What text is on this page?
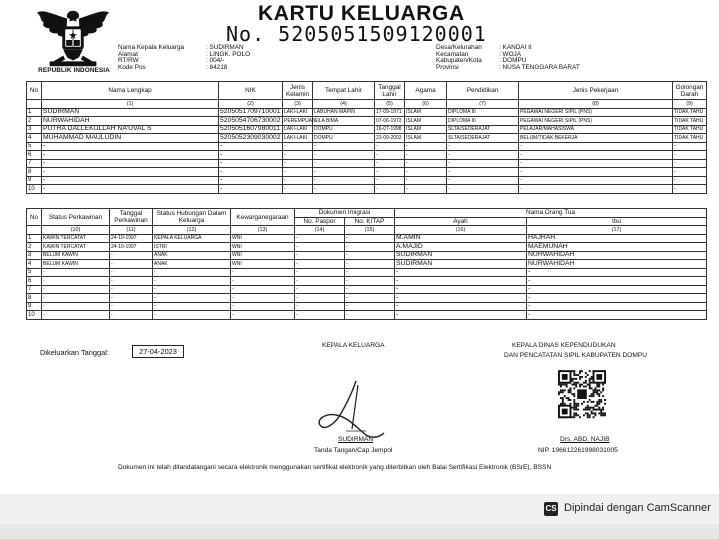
REPUBLIK INDONESIA
KARTU KELUARGA
No. 5205051509120001
Nama Kepala Keluarga	: SUDIRMAN
Alamat	: LINGK. POLO
RT/RW	: 004/-
Kode Pos	: 84218
Desa/Kelurahan	: KANDAI II
Kecamatan	: WOJA
Kabupaten/Kota	: DOMPU
Provinsi	: NUSA TENGGARA BARAT
No	Nama Lengkap	NIK	Jenis Kelamin	Tempat Lahir	Tanggal Lahir	Agama	Pendidikan	Jenis Pekerjaan	Golongan Darah
	(1)	(2)	(3)	(4)	(5)	(6)	(7)	(8)	(9)
1	SUDIRMAN	5205051709710001	LAKI-LAKI	LABUHAN MAPIN	17-09-1971	ISLAM	DIPLOMA III	PEGAWAI NEGERI SIPIL (PNS)	TIDAK TAHU
2	NURWAHIDAH	5205054706730002	PEREMPUAN	SILA BIMA	07-06-1973	ISLAM	DIPLOMA III	PEGAWAI NEGERI SIPIL (PNS)	TIDAK TAHU
3	PUTRA DALLEKULLAH NA'UVAL S	5205051607980011	LAKI-LAKI	DOMPU	16-07-1998	ISLAM	SLTA/SEDERAJAT	PELAJAR/MAHASISWA	TIDAK TAHU
4	MUHAMMAD MAULUDIN	5205052309030002	LAKI-LAKI	DOMPU	23-09-2003	ISLAM	SLTA/SEDERAJAT	BELUM/TIDAK BEKERJA	TIDAK TAHU
5	-	-	-	-	-	-	-	-	-
6	-	-	-	-	-	-	-	-	-
7	-	-	-	-	-	-	-	-	-
8	-	-	-	-	-	-	-	-	-
9	-	-	-	-	-	-	-	-	-
10	-	-	-	-	-	-	-	-	-
No	Status Perkawinan	Tanggal Perkawinan	Status Hubungan Dalam Keluarga	Kewarganegaraan	Dokumen Imigrasi		Nama Orang Tua	
					No. Paspor	No. KITAP	Ayah	Ibu
	(10)	(11)	(12)	(13)	(14)	(15)	(16)	(17)
1	KAWIN TERCATAT	24-10-1997	KEPALA KELUARGA	WNI	-	-	M.AMIN	HAJRAH
2	KAWIN TERCATAT	24-10-1997	ISTRI	WNI	-	-	A.MAJID	MAEMUNAH
3	BELUM KAWIN	-	ANAK	WNI	-	-	SUDIRMAN	NURWAHIDAH
4	BELUM KAWIN	-	ANAK	WNI	-	-	SUDIRMAN	NURWAHIDAH
5	-	-	-	-	-	-	-	-
6	-	-	-	-	-	-	-	-
7	-	-	-	-	-	-	-	-
8	-	-	-	-	-	-	-	-
9	-	-	-	-	-	-	-	-
10	-	-	-	-	-	-	-	-
Dikeluarkan Tanggal:	27-04-2023
KEPALA KELUARGA	KEPALA DINAS KEPENDUDUKAN
DAN PENCATATAN SIPIL KABUPATEN DOMPU
SUDIRMAN
Tanda Tangan/Cap Jempol
Drs. ABD. NAJIB
NIP. 196612261998031005
Dokumen ini telah ditandatangani secara elektronik menggunakan sertifikat elektronik yang diterbitkan oleh Balai Sertifikasi Elektronik (BSrE), BSSN
CS Dipindai dengan CamScanner
